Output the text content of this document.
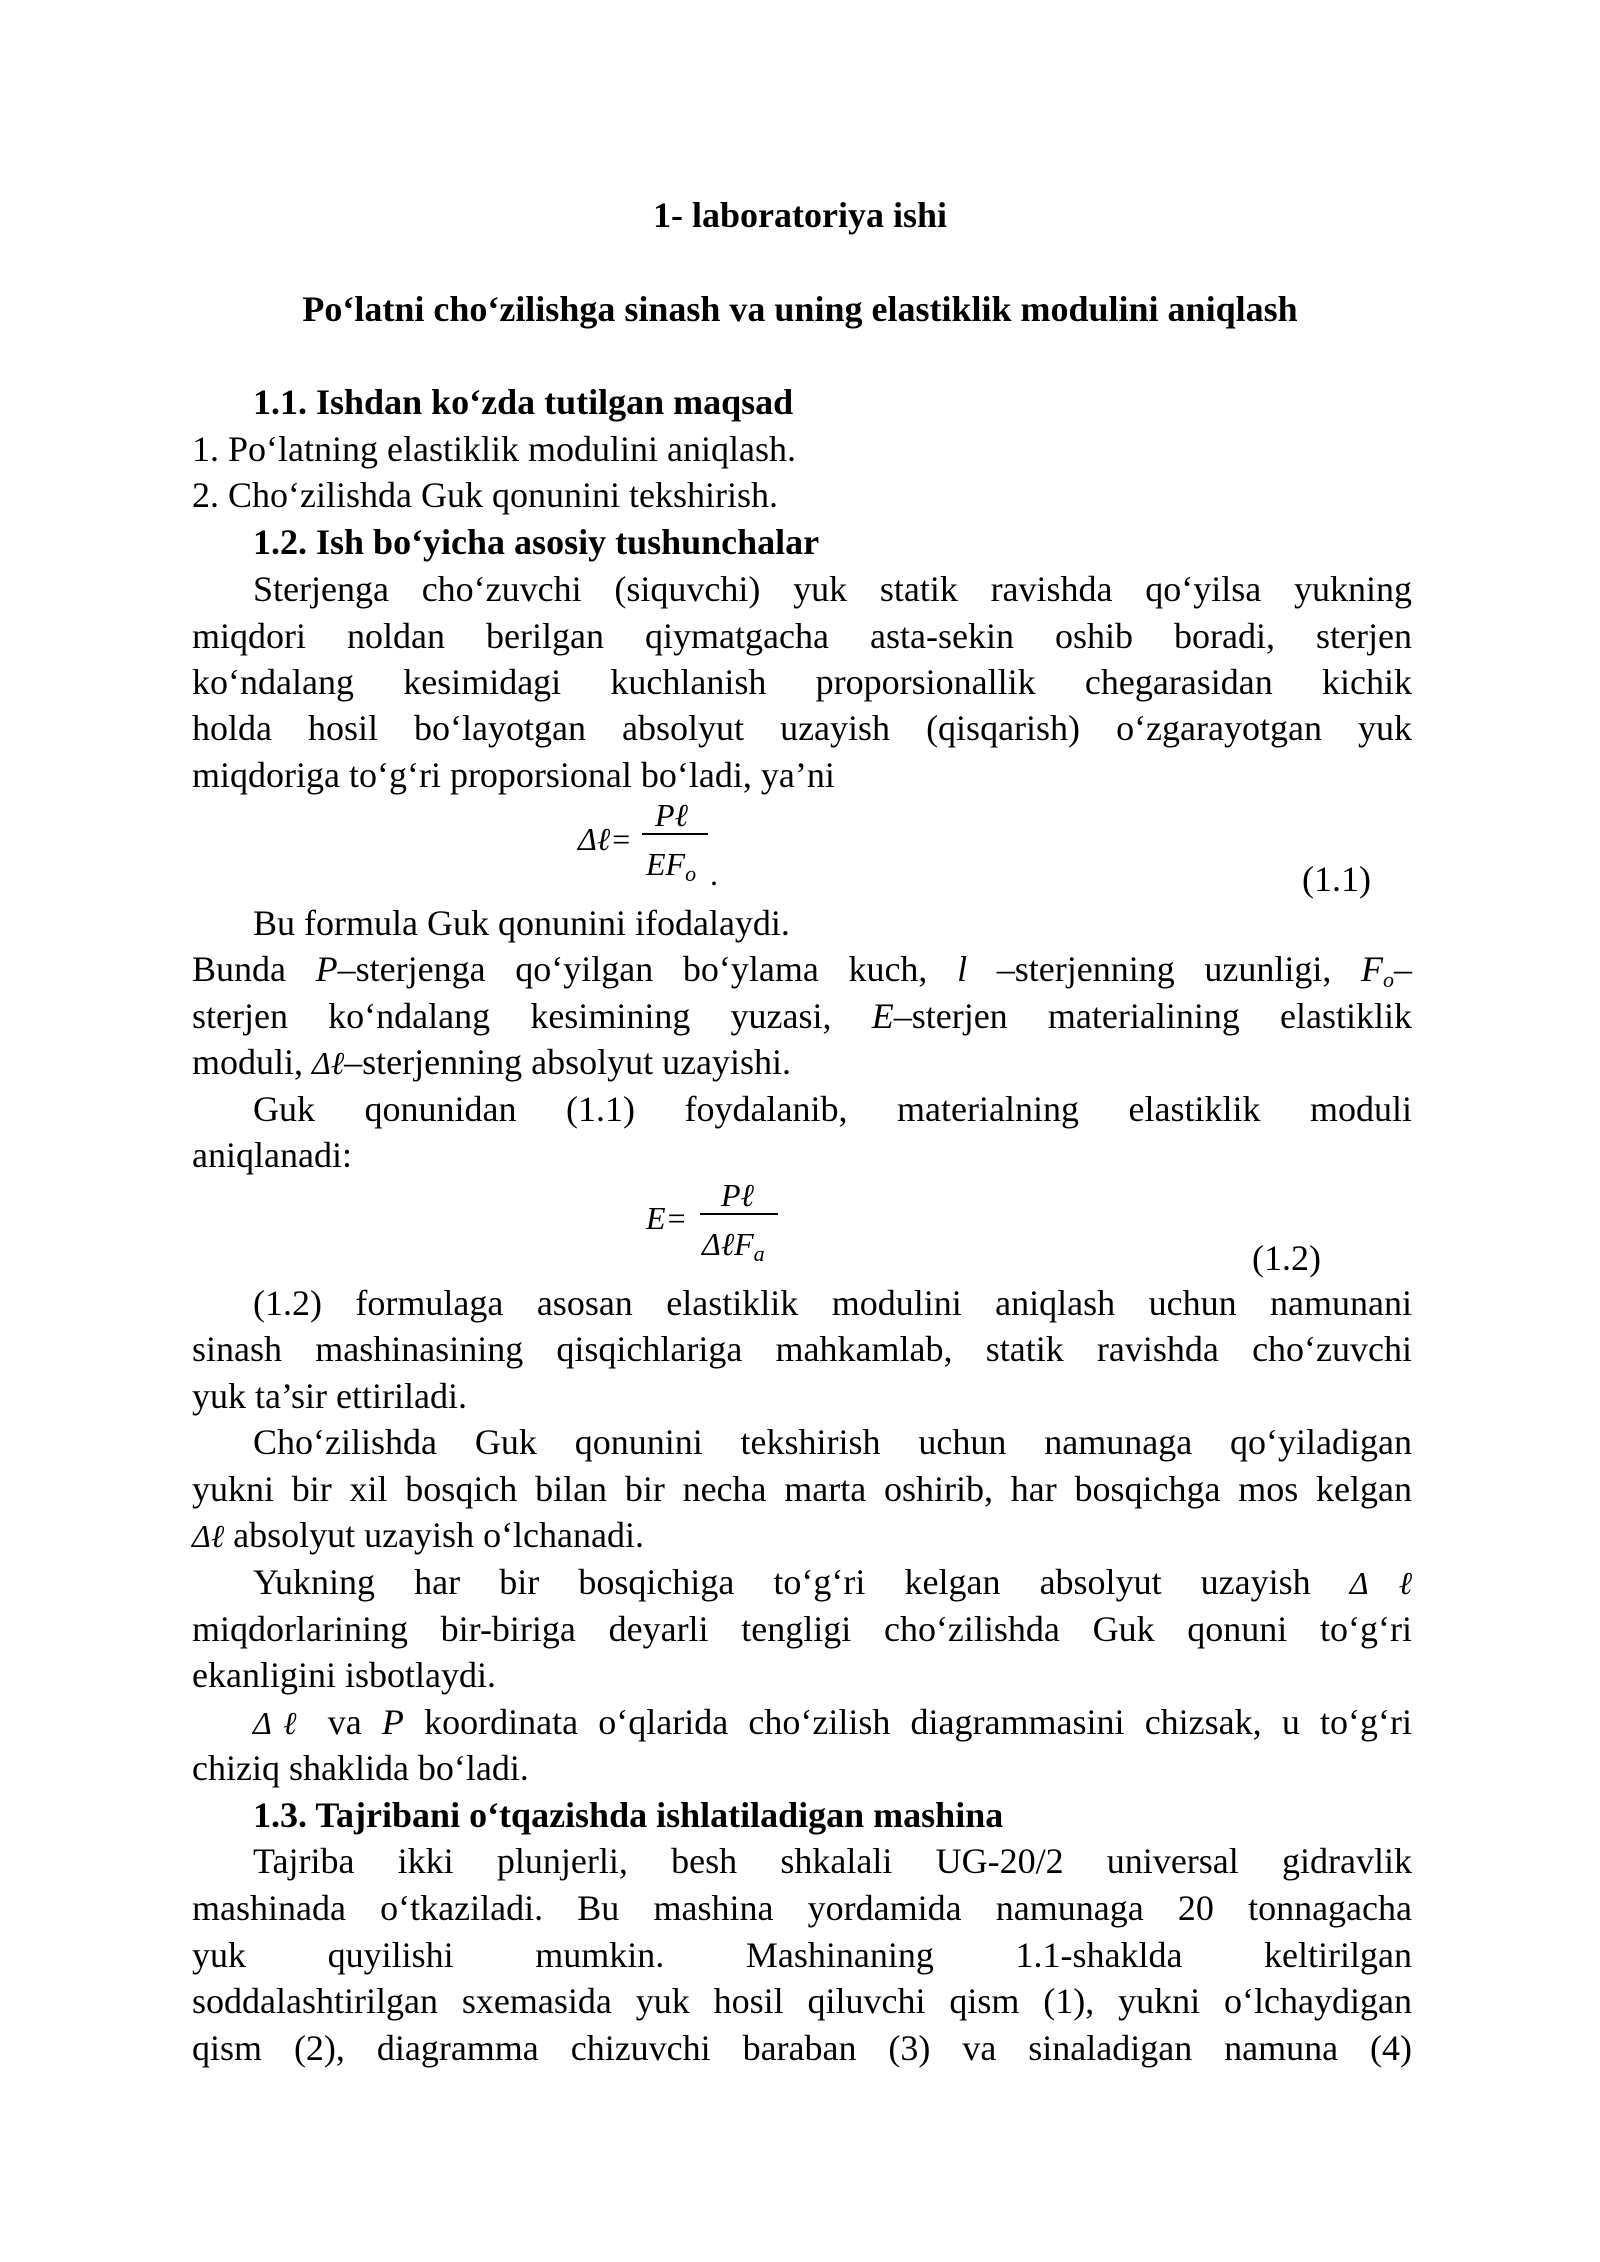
1- laboratoriya ishi
Po‘latni cho‘zilishga sinash va uning elastiklik modulini aniqlash
1.1. Ishdan ko‘zda tutilgan maqsad
1. Po‘latning elastiklik modulini aniqlash.
2. Cho‘zilishda Guk qonunini tekshirish.
1.2. Ish bo‘yicha asosiy tushunchalar
Sterjenga cho‘zuvchi (siquvchi) yuk statik ravishda qo‘yilsa yukning
miqdori noldan berilgan qiymatgacha asta-sekin oshib boradi, sterjen
ko‘ndalang kesimidagi kuchlanish proporsionallik chegarasidan kichik
holda hosil bo‘layotgan absolyut uzayish (qisqarish) o‘zgarayotgan yuk
miqdoriga to‘g‘ri proporsional bo‘ladi, ya’ni
Δℓ=
Pℓ
$EF_o$ .	(1.1)
Bu formula Guk qonunini ifodalaydi.
Bunda P–sterjenga qo‘yilgan bo‘ylama kuch, l –sterjenning uzunligi, $F_o-$
sterjen ko‘ndalang kesimining yuzasi, E–sterjen materialining elastiklik
moduli, Δℓ–sterjenning absolyut uzayishi.
Guk qonunidan (1.1) foydalanib, materialning elastiklik moduli
aniqlanadi:
E=
Pℓ
ΔℓF$_a$	(1.2)
(1.2) formulaga asosan elastiklik modulini aniqlash uchun namunani
sinash mashinasining qisqichlariga mahkamlab, statik ravishda cho‘zuvchi
yuk ta’sir ettiriladi.
Cho‘zilishda Guk qonunini tekshirish uchun namunaga qo‘yiladigan
yukni bir xil bosqich bilan bir necha marta oshirib, har bosqichga mos kelgan
Δℓ absolyut uzayish o‘lchanadi.
Yukning har bir bosqichiga to‘g‘ri kelgan absolyut uzayish Δℓ
miqdorlarining bir-biriga deyarli tengligi cho‘zilishda Guk qonuni to‘g‘ri
ekanligini isbotlaydi.
Δℓ va P koordinata o‘qlarida cho‘zilish diagrammasini chizsak, u to‘g‘ri
chiziq shaklida bo‘ladi.
1.3. Tajribani o‘tqazishda ishlatiladigan mashina
Tajriba ikki plunjerli, besh shkalali UG-20/2 universal gidravlik
mashinada o‘tkaziladi. Bu mashina yordamida namunaga 20 tonnagacha
yuk quyilishi mumkin. Mashinaning 1.1-shaklda keltirilgan
soddalashtirilgan sxemasida yuk hosil qiluvchi qism (1), yukni o‘lchaydigan
qism (2), diagramma chizuvchi baraban (3) va sinaladigan namuna (4)
